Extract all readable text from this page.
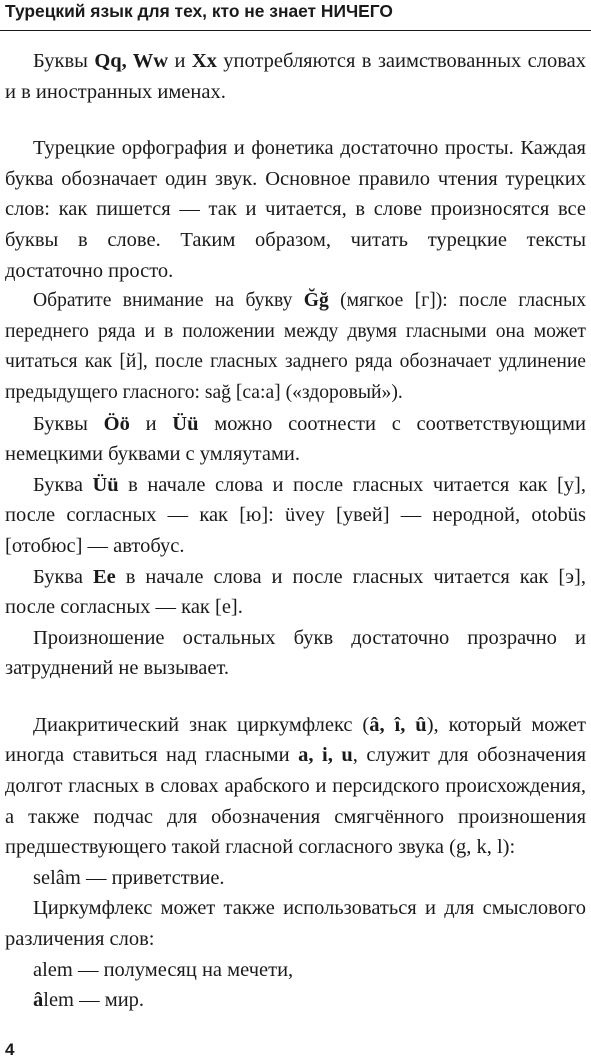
Турецкий язык для тех, кто не знает НИЧЕГО

Буквы Qq, Ww и Xx употребляются в заимствованных словах и в иностранных именах.

Турецкие орфография и фонетика достаточно просты. Каждая буква обозначает один звук. Основное правило чтения турецких слов: как пишется — так и читается, в слове произносятся все буквы в слове. Таким образом, читать турецкие тексты достаточно просто.

Обратите внимание на букву Ğğ (мягкое [г]): после гласных переднего ряда и в положении между двумя гласными она может читаться как [й], после гласных заднего ряда обозначает удлинение предыдущего гласного: sağ [са:а] («здоровый»).

Буквы Öö и Üü можно соотнести с соответствующими немецкими буквами с умляутами.

Буква Üü в начале слова и после гласных читается как [у], после согласных — как [ю]: üvey [увей] — неродной, otobüs [отобюс] — автобус.

Буква Ee в начале слова и после гласных читается как [э], после согласных — как [е].

Произношение остальных букв достаточно прозрачно и затруднений не вызывает.

Диакритический знак циркумфлекс (â, î, û), который может иногда ставиться над гласными a, i, u, служит для обозначения долгот гласных в словах арабского и персидского происхождения, а также подчас для обозначения смягчённого произношения предшествующего такой гласной согласного звука (g, k, l):

selâm — приветствие.

Циркумфлекс может также использоваться и для смыслового различения слов:

alem — полумесяц на мечети,

âlem — мир.

4
